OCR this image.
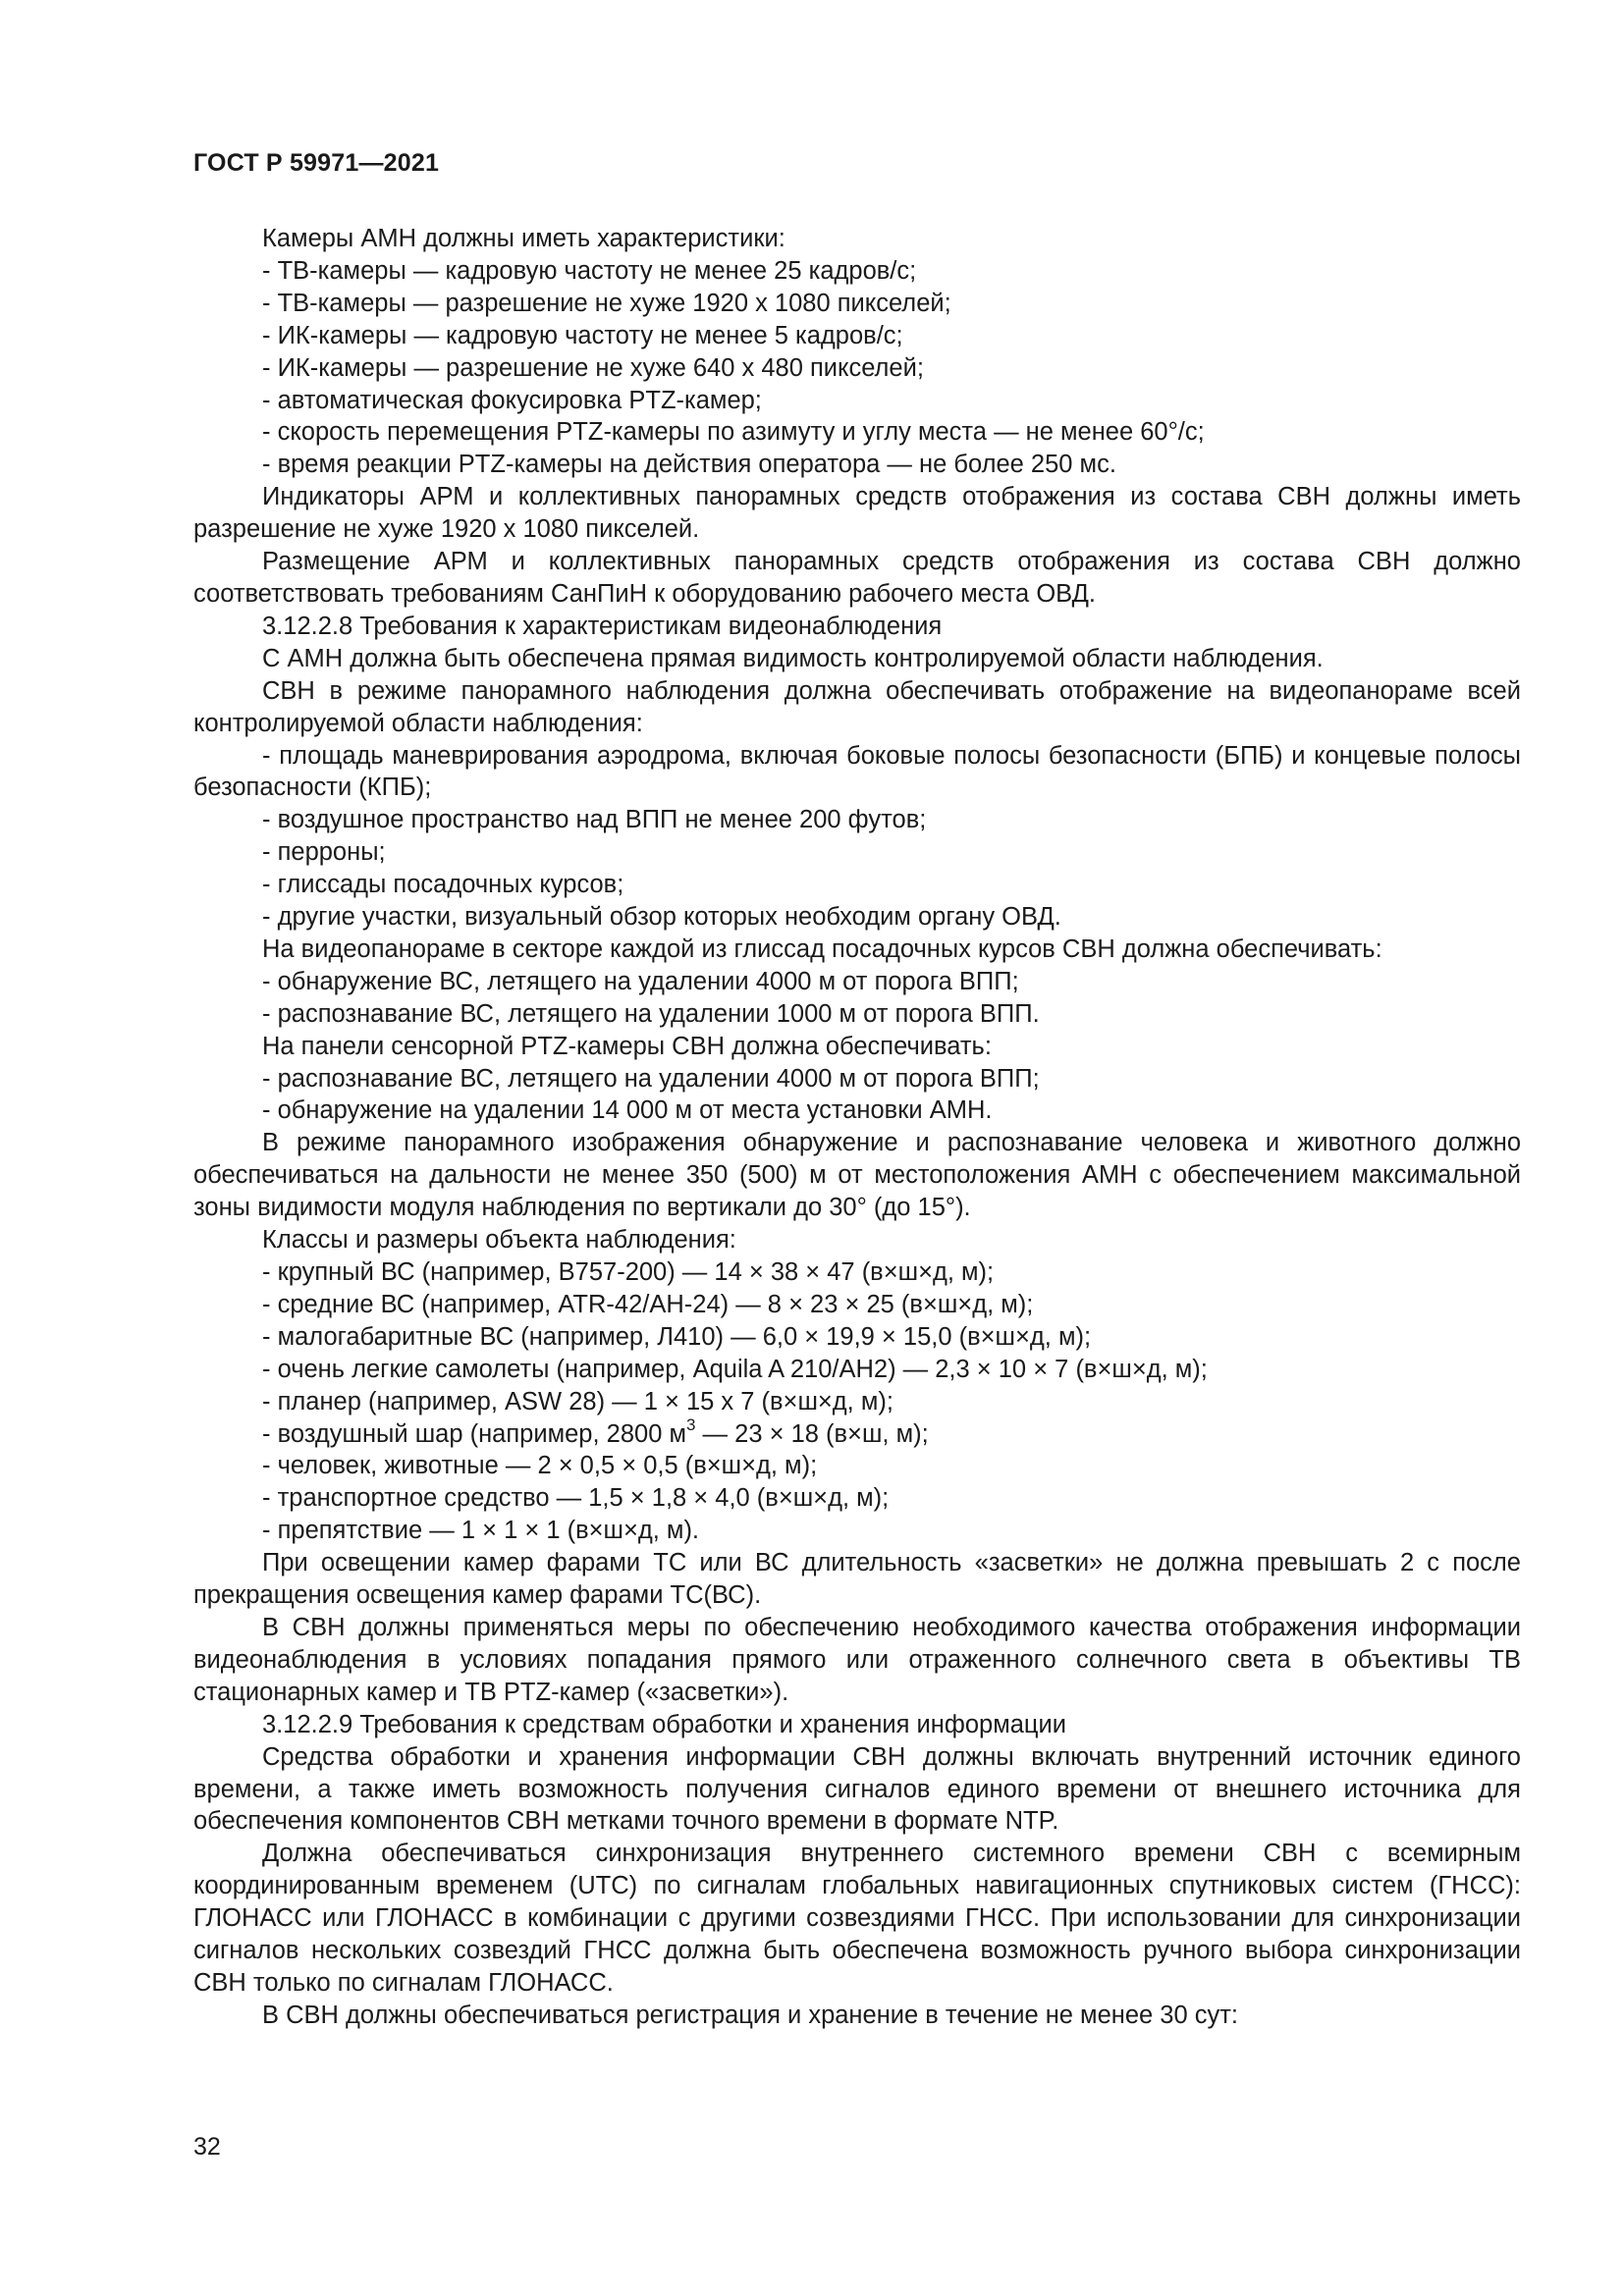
ГОСТ Р 59971—2021

Камеры АМН должны иметь характеристики:

- ТВ-камеры — кадровую частоту не менее 25 кадров/с;

- ТВ-камеры — разрешение не хуже 1920 x 1080 пикселей;

- ИК-камеры — кадровую частоту не менее 5 кадров/с;

- ИК-камеры — разрешение не хуже 640 x 480 пикселей;

- автоматическая фокусировка PTZ-камер;

- скорость перемещения PTZ-камеры по азимуту и углу места — не менее 60°/с;

- время реакции PTZ-камеры на действия оператора — не более 250 мс.

Индикаторы АРМ и коллективных панорамных средств отображения из состава СВН должны иметь разрешение не хуже 1920 x 1080 пикселей.

Размещение АРМ и коллективных панорамных средств отображения из состава СВН должно соответствовать требованиям СанПиН к оборудованию рабочего места ОВД.

3.12.2.8 Требования к характеристикам видеонаблюдения

С АМН должна быть обеспечена прямая видимость контролируемой области наблюдения.

СВН в режиме панорамного наблюдения должна обеспечивать отображение на видеопанораме всей контролируемой области наблюдения:

- площадь маневрирования аэродрома, включая боковые полосы безопасности (БПБ) и концевые полосы безопасности (КПБ);

- воздушное пространство над ВПП не менее 200 футов;

- перроны;

- глиссады посадочных курсов;

- другие участки, визуальный обзор которых необходим органу ОВД.

На видеопанораме в секторе каждой из глиссад посадочных курсов СВН должна обеспечивать:

- обнаружение ВС, летящего на удалении 4000 м от порога ВПП;

- распознавание ВС, летящего на удалении 1000 м от порога ВПП.

На панели сенсорной PTZ-камеры СВН должна обеспечивать:

- распознавание ВС, летящего на удалении 4000 м от порога ВПП;

- обнаружение на удалении 14 000 м от места установки АМН.

В режиме панорамного изображения обнаружение и распознавание человека и животного должно обеспечиваться на дальности не менее 350 (500) м от местоположения АМН с обеспечением максимальной зоны видимости модуля наблюдения по вертикали до 30° (до 15°).

Классы и размеры объекта наблюдения:

- крупный ВС (например, B757-200) — 14 × 38 × 47 (в×ш×д, м);

- средние ВС (например, ATR-42/AH-24) — 8 × 23 × 25 (в×ш×д, м);

- малогабаритные ВС (например, Л410) — 6,0 × 19,9 × 15,0 (в×ш×д, м);

- очень легкие самолеты (например, Aquila A 210/AH2) — 2,3 × 10 × 7 (в×ш×д, м);

- планер (например, ASW 28) — 1 × 15 x 7 (в×ш×д, м);

- воздушный шар (например, 2800 $м^3$ — 23 × 18 (в×ш, м);

- человек, животные — 2 × 0,5 × 0,5 (в×ш×д, м);

- транспортное средство — 1,5 × 1,8 × 4,0 (в×ш×д, м);

- препятствие — 1 × 1 × 1 (в×ш×д, м).

При освещении камер фарами ТС или ВС длительность «засветки» не должна превышать 2 с после прекращения освещения камер фарами ТС(ВС).

В СВН должны применяться меры по обеспечению необходимого качества отображения информации видеонаблюдения в условиях попадания прямого или отраженного солнечного света в объективы ТВ стационарных камер и ТВ PTZ-камер («засветки»).

3.12.2.9 Требования к средствам обработки и хранения информации

Средства обработки и хранения информации СВН должны включать внутренний источник единого времени, а также иметь возможность получения сигналов единого времени от внешнего источника для обеспечения компонентов СВН метками точного времени в формате NTP.

Должна обеспечиваться синхронизация внутреннего системного времени СВН с всемирным координированным временем (UTC) по сигналам глобальных навигационных спутниковых систем (ГНСС): ГЛОНАСС или ГЛОНАСС в комбинации с другими созвездиями ГНСС. При использовании для синхронизации сигналов нескольких созвездий ГНСС должна быть обеспечена возможность ручного выбора синхронизации СВН только по сигналам ГЛОНАСС.

В СВН должны обеспечиваться регистрация и хранение в течение не менее 30 сут:

32
